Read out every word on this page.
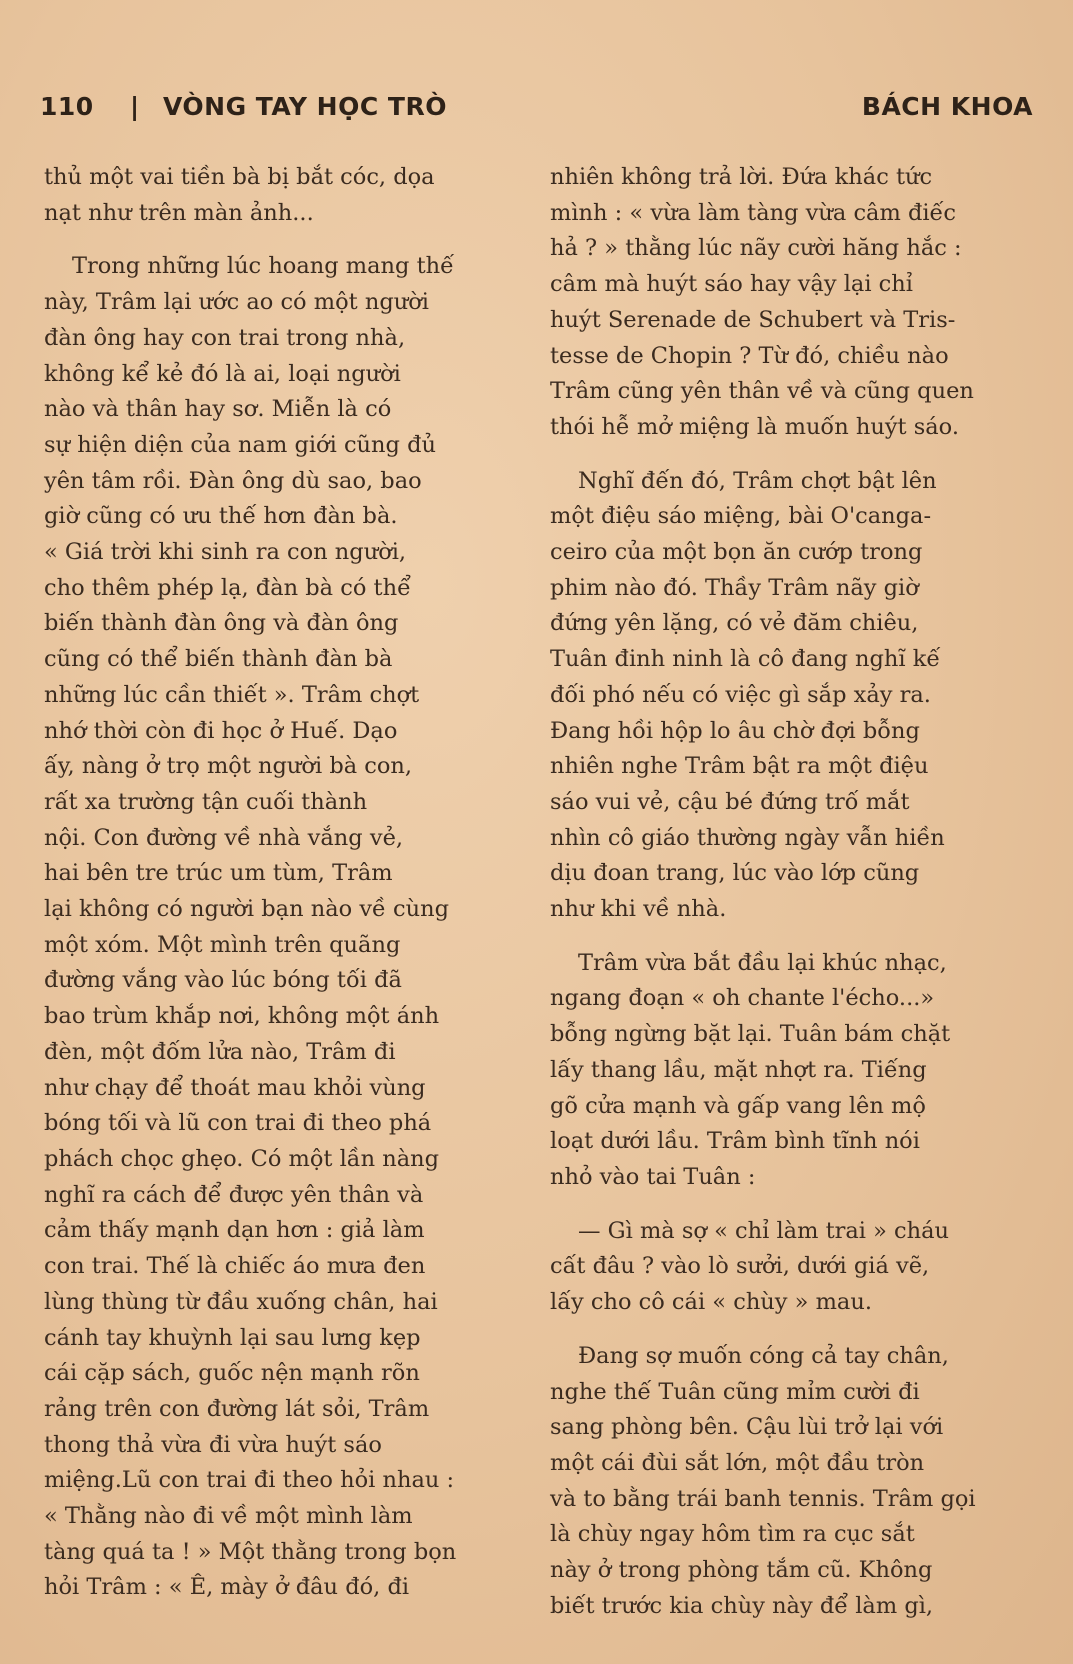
110 | VÒNG TAY HỌC TRÒ	BÁCH KHOA

thủ một vai tiền bà bị bắt cóc, dọa
nạt như trên màn ảnh...

Trong những lúc hoang mang thế
này, Trâm lại ước ao có một người
đàn ông hay con trai trong nhà,
không kể kẻ đó là ai, loại người
nào và thân hay sơ. Miễn là có
sự hiện diện của nam giới cũng đủ
yên tâm rồi. Đàn ông dù sao, bao
giờ cũng có ưu thế hơn đàn bà.
« Giá trời khi sinh ra con người,
cho thêm phép lạ, đàn bà có thể
biến thành đàn ông và đàn ông
cũng có thể biến thành đàn bà
những lúc cần thiết ». Trâm chợt
nhớ thời còn đi học ở Huế. Dạo
ấy, nàng ở trọ một người bà con,
rất xa trường tận cuối thành
nội. Con đường về nhà vắng vẻ,
hai bên tre trúc um tùm, Trâm
lại không có người bạn nào về cùng
một xóm. Một mình trên quãng
đường vắng vào lúc bóng tối đã
bao trùm khắp nơi, không một ánh
đèn, một đốm lửa nào, Trâm đi
như chạy để thoát mau khỏi vùng
bóng tối và lũ con trai đi theo phá
phách chọc ghẹo. Có một lần nàng
nghĩ ra cách để được yên thân và
cảm thấy mạnh dạn hơn : giả làm
con trai. Thế là chiếc áo mưa đen
lùng thùng từ đầu xuống chân, hai
cánh tay khuỳnh lại sau lưng kẹp
cái cặp sách, guốc nện mạnh rõn
rảng trên con đường lát sỏi, Trâm
thong thả vừa đi vừa huýt sáo
miệng.Lũ con trai đi theo hỏi nhau :
« Thằng nào đi về một mình làm
tàng quá ta ! » Một thằng trong bọn
hỏi Trâm : « Ê, mày ở đâu đó, đi

nhiên không trả lời. Đứa khác tức
mình : « vừa làm tàng vừa câm điếc
hả ? » thằng lúc nãy cười hăng hắc :
câm mà huýt sáo hay vậy lại chỉ
huýt Serenade de Schubert và Tris-
tesse de Chopin ? Từ đó, chiều nào
Trâm cũng yên thân về và cũng quen
thói hễ mở miệng là muốn huýt sáo.

Nghĩ đến đó, Trâm chợt bật lên
một điệu sáo miệng, bài O'canga-
ceiro của một bọn ăn cướp trong
phim nào đó. Thầy Trâm nãy giờ
đứng yên lặng, có vẻ đăm chiêu,
Tuân đinh ninh là cô đang nghĩ kế
đối phó nếu có việc gì sắp xảy ra.
Đang hồi hộp lo âu chờ đợi bỗng
nhiên nghe Trâm bật ra một điệu
sáo vui vẻ, cậu bé đứng trố mắt
nhìn cô giáo thường ngày vẫn hiền
dịu đoan trang, lúc vào lớp cũng
như khi về nhà.

Trâm vừa bắt đầu lại khúc nhạc,
ngang đoạn « oh chante l'écho...»
bỗng ngừng bặt lại. Tuân bám chặt
lấy thang lầu, mặt nhợt ra. Tiếng
gõ cửa mạnh và gấp vang lên mộ
loạt dưới lầu. Trâm bình tĩnh nói
nhỏ vào tai Tuân :

— Gì mà sợ « chỉ làm trai » cháu
cất đâu ? vào lò sưởi, dưới giá vẽ,
lấy cho cô cái « chùy » mau.

Đang sợ muốn cóng cả tay chân,
nghe thế Tuân cũng mỉm cười đi
sang phòng bên. Cậu lùi trở lại với
một cái đùi sắt lớn, một đầu tròn
và to bằng trái banh tennis. Trâm gọi
là chùy ngay hôm tìm ra cục sắt
này ở trong phòng tắm cũ. Không
biết trước kia chùy này để làm gì,
